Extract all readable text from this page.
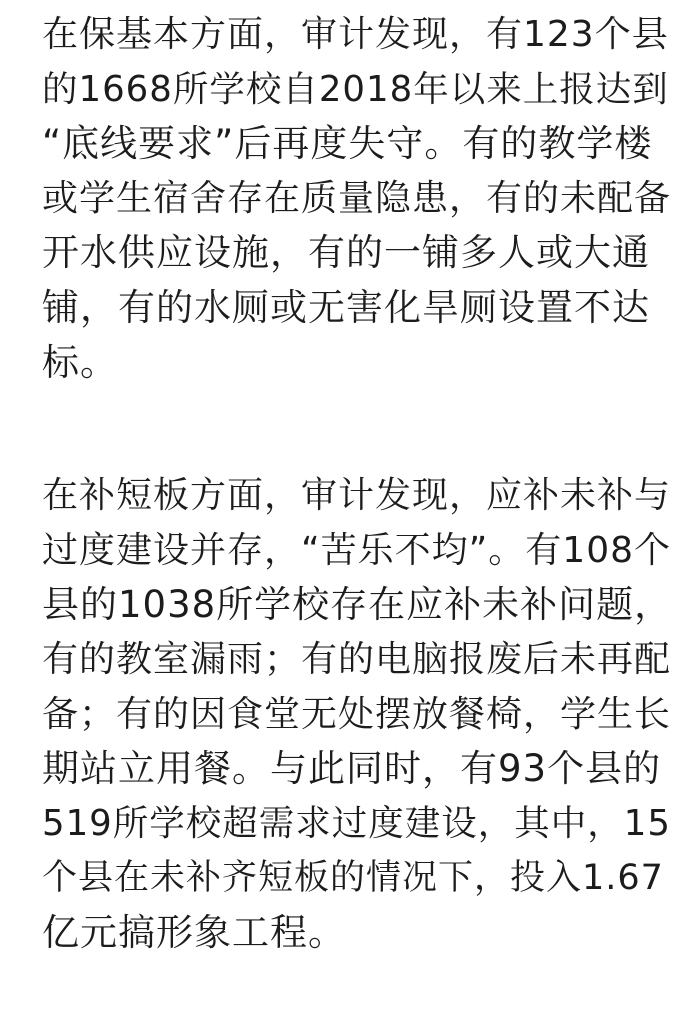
在保基本方面，审计发现，有123个县
的1668所学校自2018年以来上报达到
“底线要求”后再度失守。有的教学楼
或学生宿舍存在质量隐患，有的未配备
开水供应设施，有的一铺多人或大通
铺，有的水厕或无害化旱厕设置不达
标。

在补短板方面，审计发现，应补未补与
过度建设并存，“苦乐不均”。有108个
县的1038所学校存在应补未补问题，
有的教室漏雨；有的电脑报废后未再配
备；有的因食堂无处摆放餐椅，学生长
期站立用餐。与此同时，有93个县的
519所学校超需求过度建设，其中，15
个县在未补齐短板的情况下，投入1.67
亿元搞形象工程。
